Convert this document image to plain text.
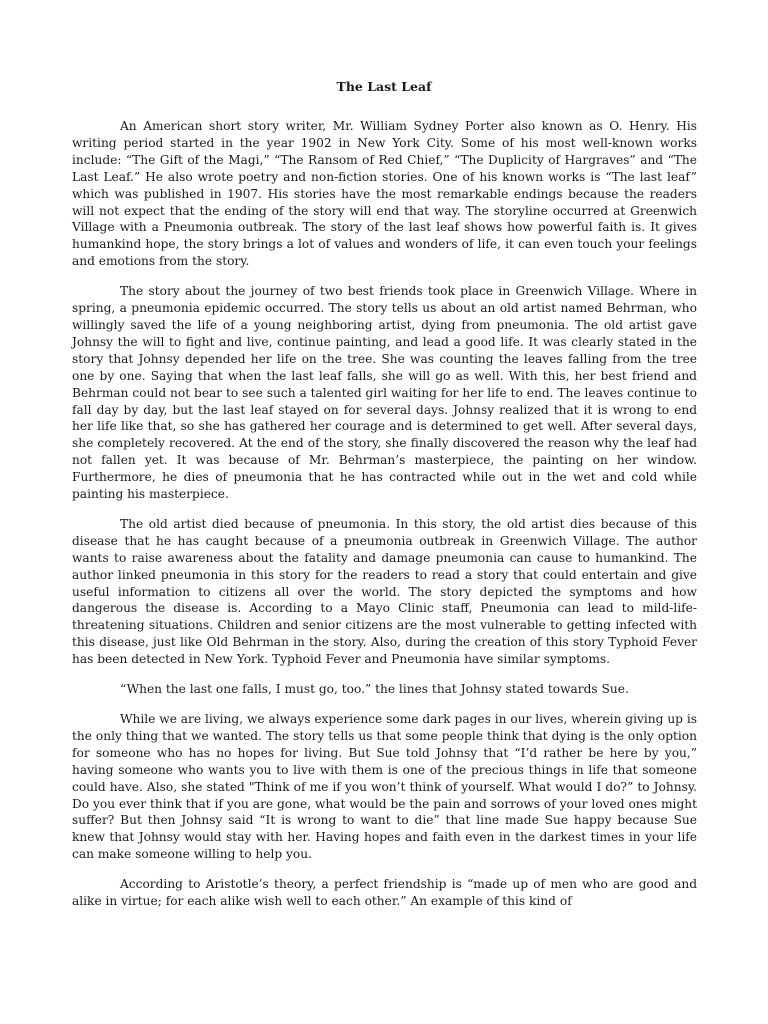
The Last Leaf

An American short story writer, Mr. William Sydney Porter also known as O. Henry. His writing period started in the year 1902 in New York City. Some of his most well-known works include: “The Gift of the Magi,” “The Ransom of Red Chief,” “The Duplicity of Hargraves” and “The Last Leaf.” He also wrote poetry and non-fiction stories. One of his known works is “The last leaf” which was published in 1907. His stories have the most remarkable endings because the readers will not expect that the ending of the story will end that way. The storyline occurred at Greenwich Village with a Pneumonia outbreak. The story of the last leaf shows how powerful faith is. It gives humankind hope, the story brings a lot of values and wonders of life, it can even touch your feelings and emotions from the story.

The story about the journey of two best friends took place in Greenwich Village. Where in spring, a pneumonia epidemic occurred. The story tells us about an old artist named Behrman, who willingly saved the life of a young neighboring artist, dying from pneumonia. The old artist gave Johnsy the will to fight and live, continue painting, and lead a good life. It was clearly stated in the story that Johnsy depended her life on the tree. She was counting the leaves falling from the tree one by one. Saying that when the last leaf falls, she will go as well. With this, her best friend and Behrman could not bear to see such a talented girl waiting for her life to end. The leaves continue to fall day by day, but the last leaf stayed on for several days. Johnsy realized that it is wrong to end her life like that, so she has gathered her courage and is determined to get well. After several days, she completely recovered. At the end of the story, she finally discovered the reason why the leaf had not fallen yet. It was because of Mr. Behrman’s masterpiece, the painting on her window. Furthermore, he dies of pneumonia that he has contracted while out in the wet and cold while painting his masterpiece.

The old artist died because of pneumonia. In this story, the old artist dies because of this disease that he has caught because of a pneumonia outbreak in Greenwich Village. The author wants to raise awareness about the fatality and damage pneumonia can cause to humankind. The author linked pneumonia in this story for the readers to read a story that could entertain and give useful information to citizens all over the world. The story depicted the symptoms and how dangerous the disease is. According to a Mayo Clinic staff, Pneumonia can lead to mild-life-threatening situations. Children and senior citizens are the most vulnerable to getting infected with this disease, just like Old Behrman in the story. Also, during the creation of this story Typhoid Fever has been detected in New York. Typhoid Fever and Pneumonia have similar symptoms.

“When the last one falls, I must go, too.” the lines that Johnsy stated towards Sue.

While we are living, we always experience some dark pages in our lives, wherein giving up is the only thing that we wanted. The story tells us that some people think that dying is the only option for someone who has no hopes for living. But Sue told Johnsy that “I’d rather be here by you,” having someone who wants you to live with them is one of the precious things in life that someone could have. Also, she stated "Think of me if you won’t think of yourself. What would I do?” to Johnsy. Do you ever think that if you are gone, what would be the pain and sorrows of your loved ones might suffer? But then Johnsy said “It is wrong to want to die” that line made Sue happy because Sue knew that Johnsy would stay with her. Having hopes and faith even in the darkest times in your life can make someone willing to help you.

According to Aristotle’s theory, a perfect friendship is “made up of men who are good and alike in virtue; for each alike wish well to each other.” An example of this kind of
